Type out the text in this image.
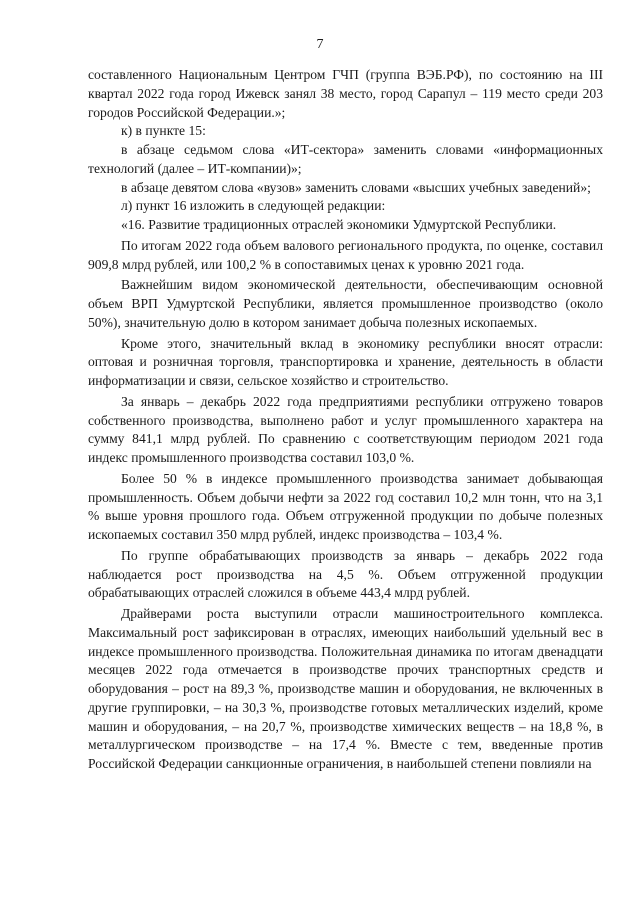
7

составленного Национальным Центром ГЧП (группа ВЭБ.РФ), по состоянию на III квартал 2022 года город Ижевск занял 38 место, город Сарапул – 119 место среди 203 городов Российской Федерации.»;

к) в пункте 15:

в абзаце седьмом слова «ИТ-сектора» заменить словами «информационных технологий (далее – ИТ-компании)»;

в абзаце девятом слова «вузов» заменить словами «высших учебных заведений»;

л) пункт 16 изложить в следующей редакции:

«16. Развитие традиционных отраслей экономики Удмуртской Республики.

По итогам 2022 года объем валового регионального продукта, по оценке, составил 909,8 млрд рублей, или 100,2 % в сопоставимых ценах к уровню 2021 года.

Важнейшим видом экономической деятельности, обеспечивающим основной объем ВРП Удмуртской Республики, является промышленное производство (около 50%), значительную долю в котором занимает добыча полезных ископаемых.

Кроме этого, значительный вклад в экономику республики вносят отрасли: оптовая и розничная торговля, транспортировка и хранение, деятельность в области информатизации и связи, сельское хозяйство и строительство.

За январь – декабрь 2022 года предприятиями республики отгружено товаров собственного производства, выполнено работ и услуг промышленного характера на сумму 841,1 млрд рублей. По сравнению с соответствующим периодом 2021 года индекс промышленного производства составил 103,0 %.

Более 50 % в индексе промышленного производства занимает добывающая промышленность. Объем добычи нефти за 2022 год составил 10,2 млн тонн, что на 3,1 % выше уровня прошлого года. Объем отгруженной продукции по добыче полезных ископаемых составил 350 млрд рублей, индекс производства – 103,4 %.

По группе обрабатывающих производств за январь – декабрь 2022 года наблюдается рост производства на 4,5 %. Объем отгруженной продукции обрабатывающих отраслей сложился в объеме 443,4 млрд рублей.

Драйверами роста выступили отрасли машиностроительного комплекса. Максимальный рост зафиксирован в отраслях, имеющих наибольший удельный вес в индексе промышленного производства. Положительная динамика по итогам двенадцати месяцев 2022 года отмечается в производстве прочих транспортных средств и оборудования – рост на 89,3 %, производстве машин и оборудования, не включенных в другие группировки, – на 30,3 %, производстве готовых металлических изделий, кроме машин и оборудования, – на 20,7 %, производстве химических веществ – на 18,8 %, в металлургическом производстве – на 17,4 %. Вместе с тем, введенные против Российской Федерации санкционные ограничения, в наибольшей степени повлияли на
